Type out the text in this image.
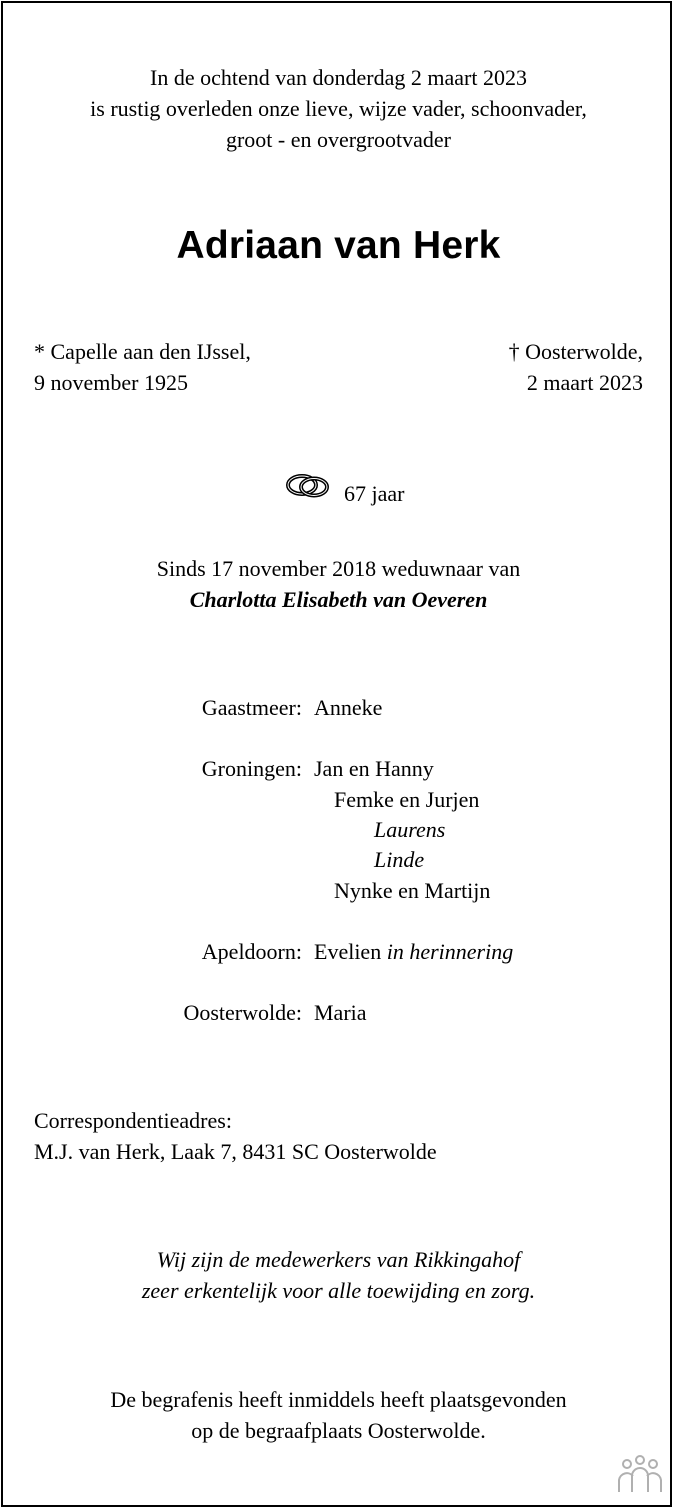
In de ochtend van donderdag 2 maart 2023
is rustig overleden onze lieve, wijze vader, schoonvader,
groot - en overgrootvader
Adriaan van Herk
* Capelle aan den IJssel,
9 november 1925
† Oosterwolde,
2 maart 2023
67 jaar
Sinds 17 november 2018 weduwnaar van
Charlotta Elisabeth van Oeveren
Gaastmeer: Anneke
Groningen: Jan en Hanny
Femke en Jurjen
Laurens
Linde
Nynke en Martijn
Apeldoorn: Evelien in herinnering
Oosterwolde: Maria
Correspondentieadres:
M.J. van Herk, Laak 7, 8431 SC Oosterwolde
Wij zijn de medewerkers van Rikkingahof
zeer erkentelijk voor alle toewijding en zorg.
De begrafenis heeft inmiddels heeft plaatsgevonden
op de begraafplaats Oosterwolde.
